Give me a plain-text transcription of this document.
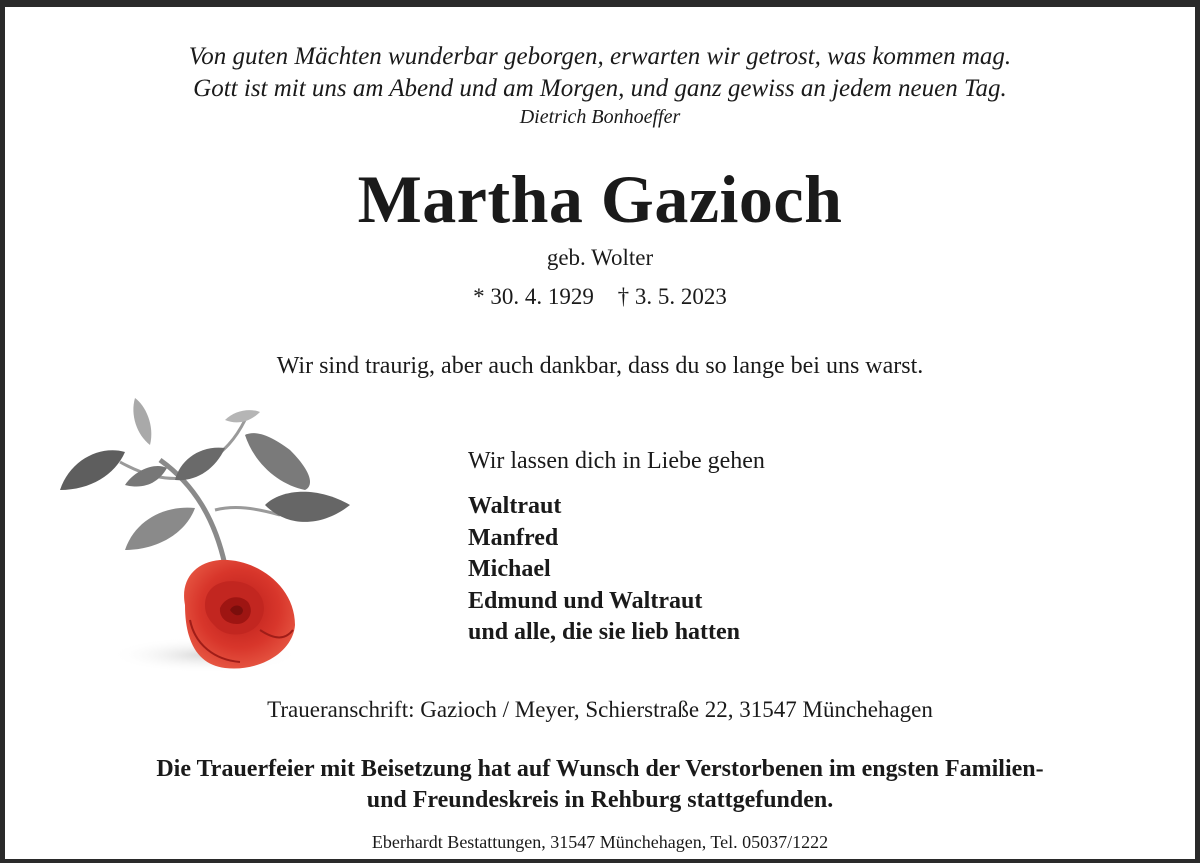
Von guten Mächten wunderbar geborgen, erwarten wir getrost, was kommen mag.
Gott ist mit uns am Abend und am Morgen, und ganz gewiss an jedem neuen Tag.
Dietrich Bonhoeffer
Martha Gazioch
geb. Wolter
* 30. 4. 1929 † 3. 5. 2023
Wir sind traurig, aber auch dankbar, dass du so lange bei uns warst.
Wir lassen dich in Liebe gehen
Waltraut
Manfred
Michael
Edmund und Waltraut
und alle, die sie lieb hatten
Traueranschrift: Gazioch / Meyer, Schierstraße 22, 31547 Münchehagen
Die Trauerfeier mit Beisetzung hat auf Wunsch der Verstorbenen im engsten Familien-
und Freundeskreis in Rehburg stattgefunden.
Eberhardt Bestattungen, 31547 Münchehagen, Tel. 05037/1222
